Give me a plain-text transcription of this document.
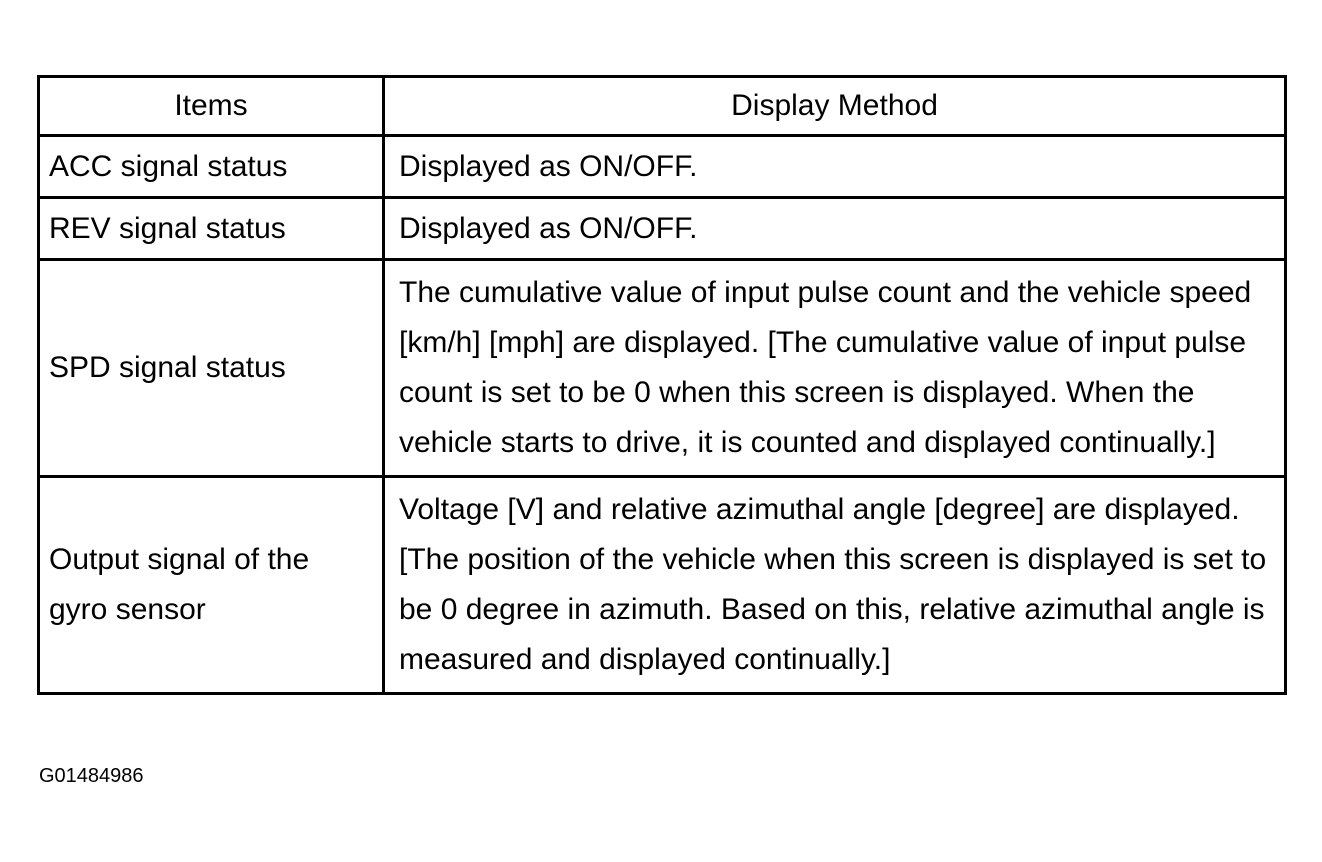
Items	Display Method
ACC signal status	Displayed as ON/OFF.
REV signal status	Displayed as ON/OFF.
SPD signal status	The cumulative value of input pulse count and the vehicle speed [km/h] [mph] are displayed. [The cumulative value of input pulse count is set to be 0 when this screen is displayed. When the vehicle starts to drive, it is counted and displayed continually.]
Output signal of the gyro sensor	Voltage [V] and relative azimuthal angle [degree] are displayed. [The position of the vehicle when this screen is displayed is set to be 0 degree in azimuth. Based on this, relative azimuthal angle is measured and displayed continually.]
G01484986
